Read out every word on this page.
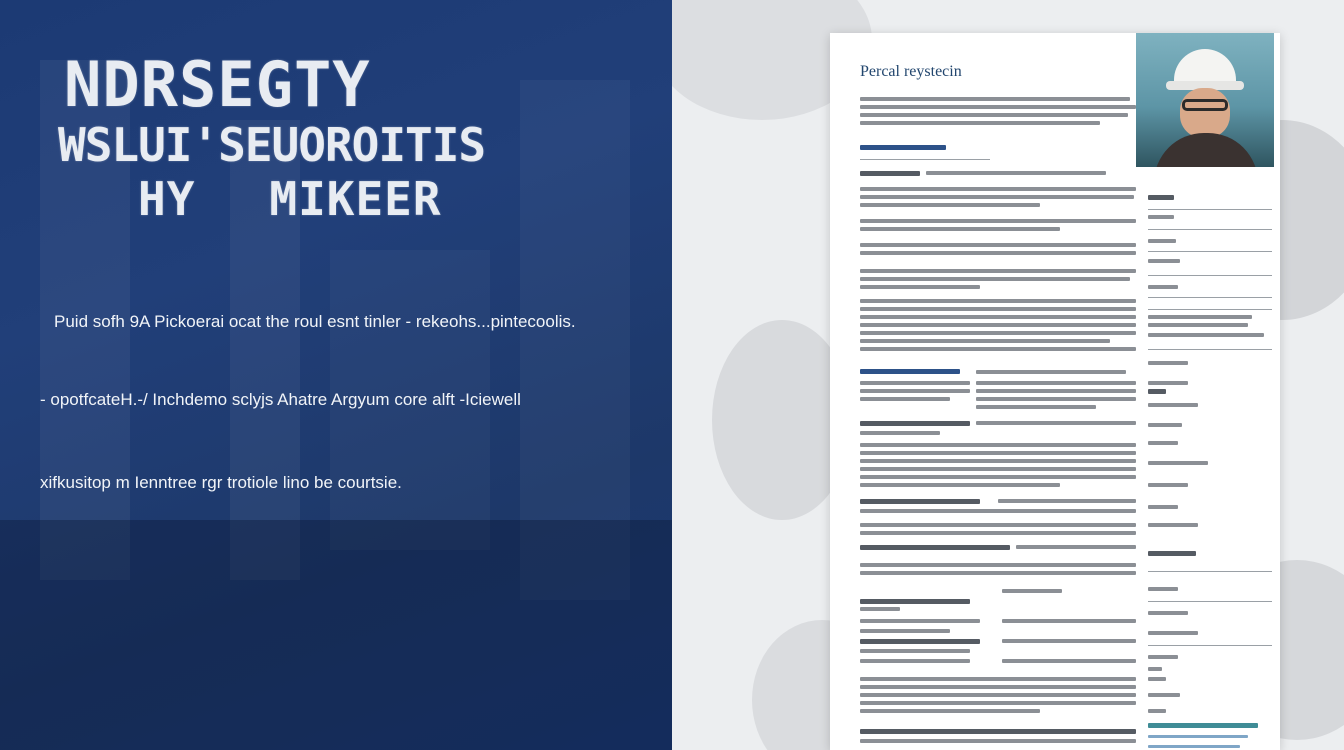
NDRSEGTY
WSLUI'SEUOROITIS
HY MIKEER
Puid sofh 9A Pickoerai ocat the roul esnt tinler - rekeohs...pintecoolis.
- opotfcateH.-/ Inchdemo sclyjs Ahatre Argyum core alft -Iciewell
xifkusitop m Ienntree rgr trotiole lino be courtsie.
Percal reystecin
